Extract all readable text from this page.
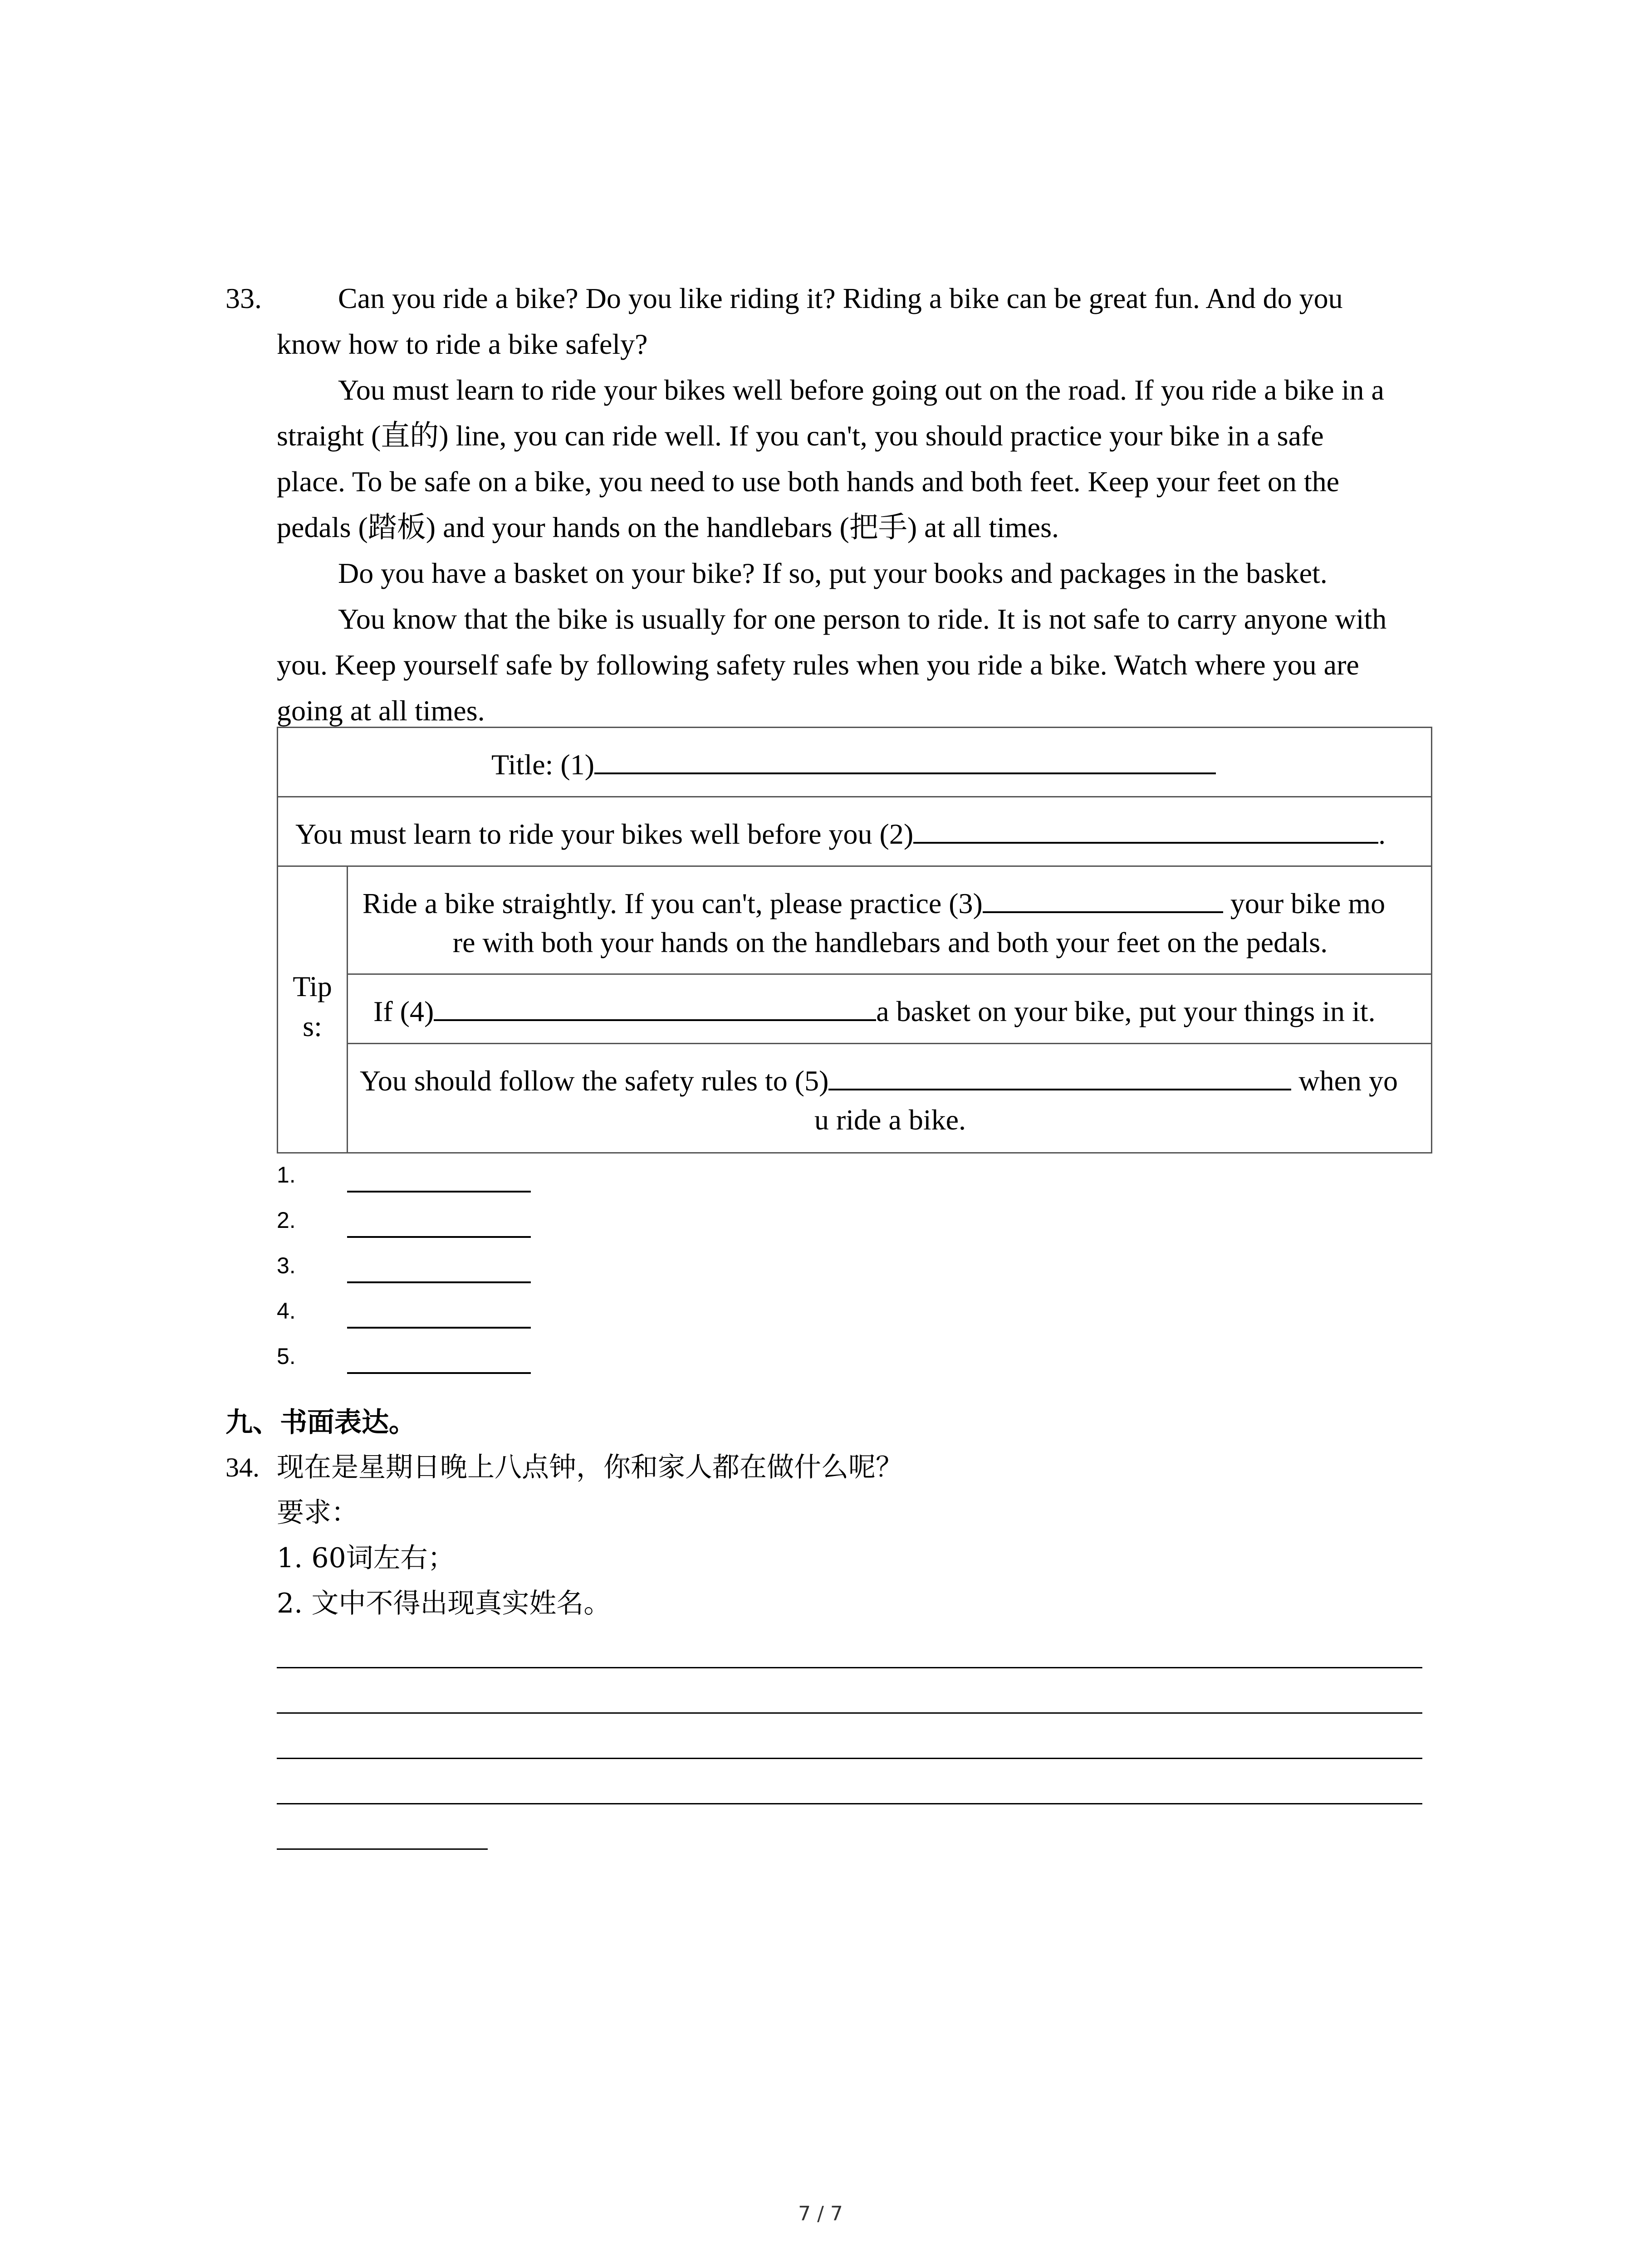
33.	Can you ride a bike? Do you like riding it? Riding a bike can be great fun. And do you
know how to ride a bike safely?
You must learn to ride your bikes well before going out on the road. If you ride a bike in a
straight (直的) line, you can ride well. If you can't, you should practice your bike in a safe
place. To be safe on a bike, you need to use both hands and both feet. Keep your feet on the
pedals (踏板) and your hands on the handlebars (把手) at all times.
Do you have a basket on your bike? If so, put your books and packages in the basket.
You know that the bike is usually for one person to ride. It is not safe to carry anyone with
you. Keep yourself safe by following safety rules when you ride a bike. Watch where you are
going at all times.
Title: (1)
You must learn to ride your bikes well before you (2)	.
Tip
s:
Ride a bike straightly. If you can't, please practice (3)	your bike mo
re with both your hands on the handlebars and both your feet on the pedals.
If (4)	a basket on your bike, put your things in it.
You should follow the safety rules to (5)	when yo
u ride a bike.
1.
2.
3.
4.
5.
九、书面表达。
34. 现在是星期日晚上八点钟，你和家人都在做什么呢？
要求：
1. 60词左右；
2. 文中不得出现真实姓名。
7 / 7
